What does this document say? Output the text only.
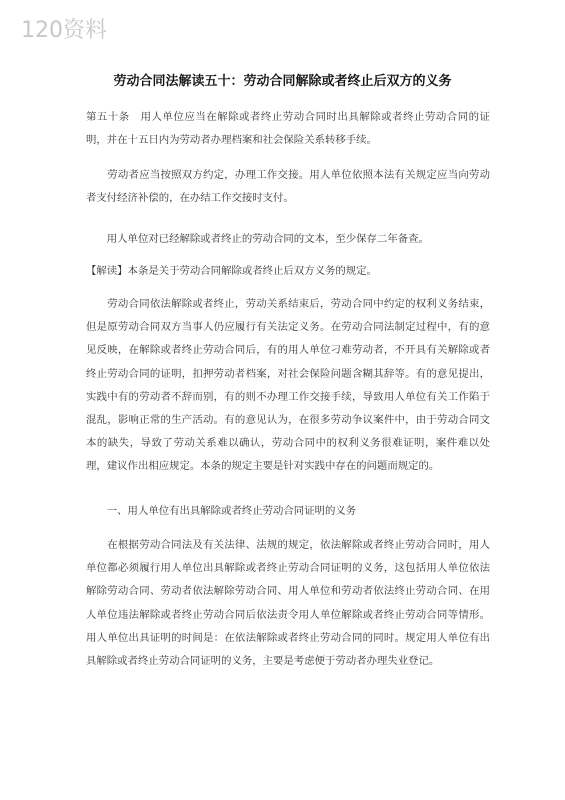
120资料
劳动合同法解读五十：劳动合同解除或者终止后双方的义务

第五十条　用人单位应当在解除或者终止劳动合同时出具解除或者终止劳动合同的证明，并在十五日内为劳动者办理档案和社会保险关系转移手续。

　　劳动者应当按照双方约定，办理工作交接。用人单位依照本法有关规定应当向劳动者支付经济补偿的，在办结工作交接时支付。

　　用人单位对已经解除或者终止的劳动合同的文本，至少保存二年备查。

【解读】本条是关于劳动合同解除或者终止后双方义务的规定。

　　劳动合同依法解除或者终止，劳动关系结束后，劳动合同中约定的权利义务结束，但是原劳动合同双方当事人仍应履行有关法定义务。在劳动合同法制定过程中，有的意见反映，在解除或者终止劳动合同后，有的用人单位刁难劳动者，不开具有关解除或者终止劳动合同的证明，扣押劳动者档案，对社会保险问题含糊其辞等。有的意见提出，实践中有的劳动者不辞而别，有的则不办理工作交接手续，导致用人单位有关工作陷于混乱，影响正常的生产活动。有的意见认为，在很多劳动争议案件中，由于劳动合同文本的缺失，导致了劳动关系难以确认，劳动合同中的权利义务很难证明，案件难以处理，建议作出相应规定。本条的规定主要是针对实践中存在的问题而规定的。

　　一、用人单位有出具解除或者终止劳动合同证明的义务

　　在根据劳动合同法及有关法律、法规的规定，依法解除或者终止劳动合同时，用人单位都必须履行用人单位出具解除或者终止劳动合同证明的义务，这包括用人单位依法解除劳动合同、劳动者依法解除劳动合同、用人单位和劳动者依法终止劳动合同、在用人单位违法解除或者终止劳动合同后依法责令用人单位解除或者终止劳动合同等情形。用人单位出具证明的时间是：在依法解除或者终止劳动合同的同时。规定用人单位有出具解除或者终止劳动合同证明的义务，主要是考虑便于劳动者办理失业登记。
